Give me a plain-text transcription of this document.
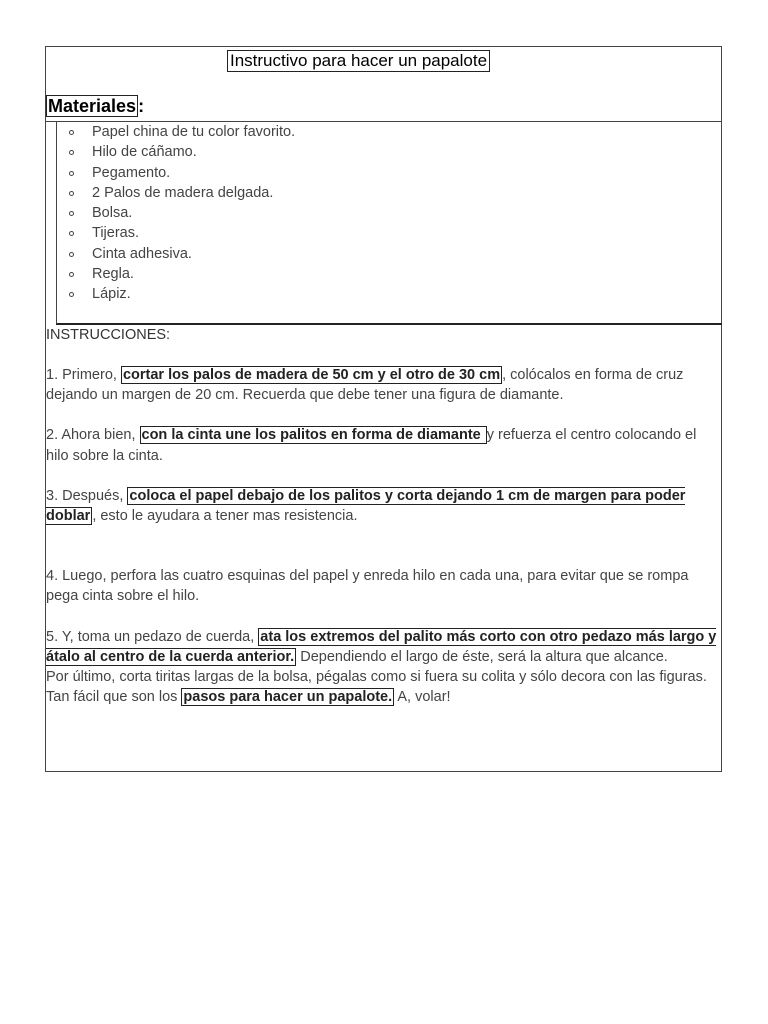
Instructivo para hacer un papalote
Materiales :
Papel china de tu color favorito.
Hilo de cáñamo.
Pegamento.
2 Palos de madera delgada.
Bolsa.
Tijeras.
Cinta adhesiva.
Regla.
Lápiz.

INSTRUCCIONES:

1. Primero, cortar los palos de madera de 50 cm y el otro de 30 cm , colócalos en forma de cruz dejando un margen de 20 cm. Recuerda que debe tener una figura de diamante.

2. Ahora bien, con la cinta une los palitos en forma de diamante y refuerza el centro colocando el hilo sobre la cinta.

3. Después, coloca el papel debajo de los palitos y corta dejando 1 cm de margen para poder doblar , esto le ayudara a tener mas resistencia.

4. Luego, perfora las cuatro esquinas del papel y enreda hilo en cada una, para evitar que se rompa pega cinta sobre el hilo.

5. Y, toma un pedazo de cuerda, ata los extremos del palito más corto con otro pedazo más largo y átalo al centro de la cuerda anterior. Dependiendo el largo de éste, será la altura que alcance.

Por último, corta tiritas largas de la bolsa, pégalas como si fuera su colita y sólo decora con las figuras. Tan fácil que son los pasos para hacer un papalote. A, volar!
